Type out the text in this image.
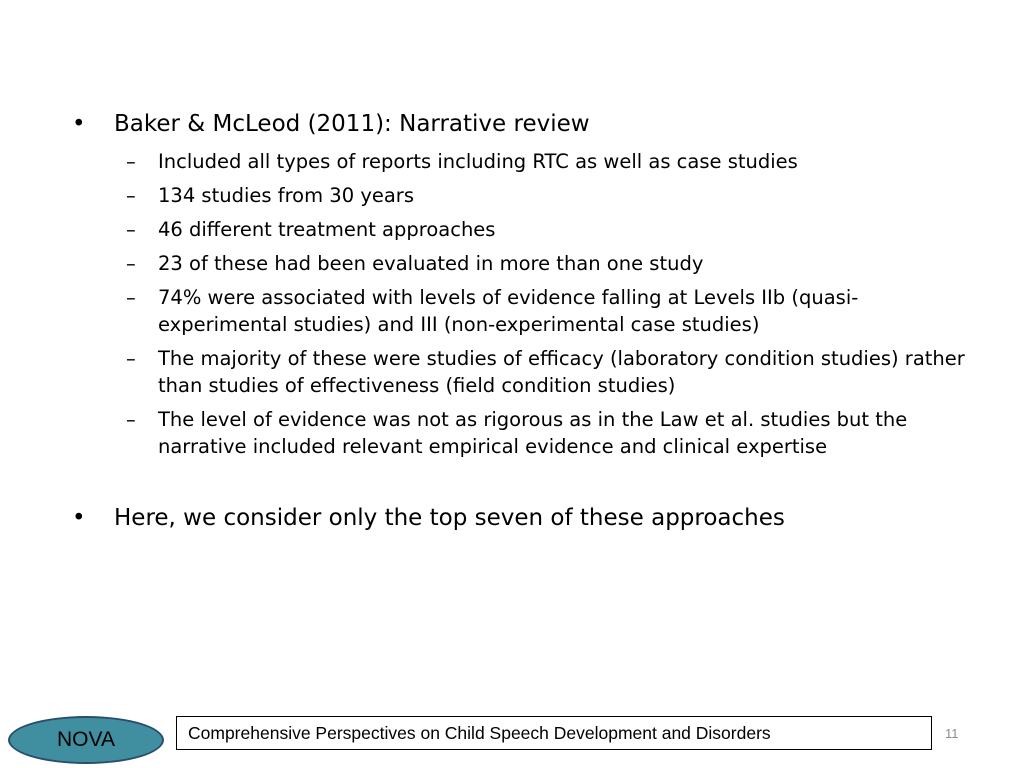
• Baker & McLeod (2011): Narrative review
– Included all types of reports including RTC as well as case studies
– 134 studies from 30 years
– 46 different treatment approaches
– 23 of these had been evaluated in more than one study
– 74% were associated with levels of evidence falling at Levels IIb (quasi-experimental studies) and III (non-experimental case studies)
– The majority of these were studies of efficacy (laboratory condition studies) rather than studies of effectiveness (field condition studies)
– The level of evidence was not as rigorous as in the Law et al. studies but the narrative included relevant empirical evidence and clinical expertise
• Here, we consider only the top seven of these approaches
NOVA	Comprehensive Perspectives on Child Speech Development and Disorders	11
